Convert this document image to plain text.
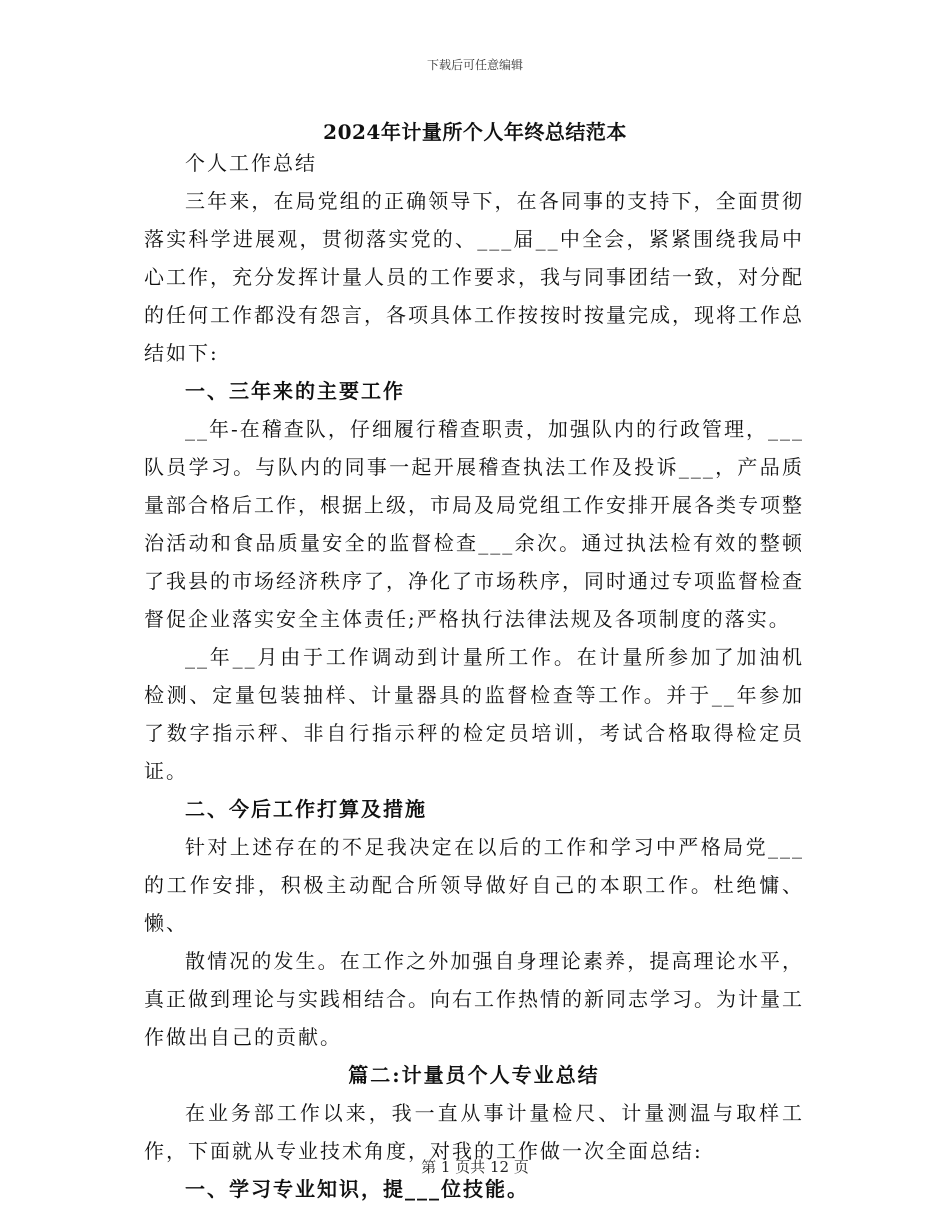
下载后可任意编辑
2024年计量所个人年终总结范本

个人工作总结

三年来，在局党组的正确领导下，在各同事的支持下，全面贯彻落实科学进展观，贯彻落实党的、___届__中全会，紧紧围绕我局中心工作，充分发挥计量人员的工作要求，我与同事团结一致，对分配的任何工作都没有怨言，各项具体工作按按时按量完成，现将工作总结如下:

一、三年来的主要工作

__年-在稽查队，仔细履行稽查职责，加强队内的行政管理，___队员学习。与队内的同事一起开展稽查执法工作及投诉___，产品质量部合格后工作，根据上级，市局及局党组工作安排开展各类专项整治活动和食品质量安全的监督检查___余次。通过执法检有效的整顿了我县的市场经济秩序了，净化了市场秩序，同时通过专项监督检查督促企业落实安全主体责任;严格执行法律法规及各项制度的落实。

__年__月由于工作调动到计量所工作。在计量所参加了加油机检测、定量包装抽样、计量器具的监督检查等工作。并于__年参加了数字指示秤、非自行指示秤的检定员培训，考试合格取得检定员证。

二、今后工作打算及措施

针对上述存在的不足我决定在以后的工作和学习中严格局党___的工作安排，积极主动配合所领导做好自己的本职工作。杜绝慵、懒、

散情况的发生。在工作之外加强自身理论素养，提高理论水平，真正做到理论与实践相结合。向右工作热情的新同志学习。为计量工作做出自己的贡献。

篇二:计量员个人专业总结

在业务部工作以来，我一直从事计量检尺、计量测温与取样工作，下面就从专业技术角度，对我的工作做一次全面总结:

一、学习专业知识，提___位技能。

第 1 页共 12 页
